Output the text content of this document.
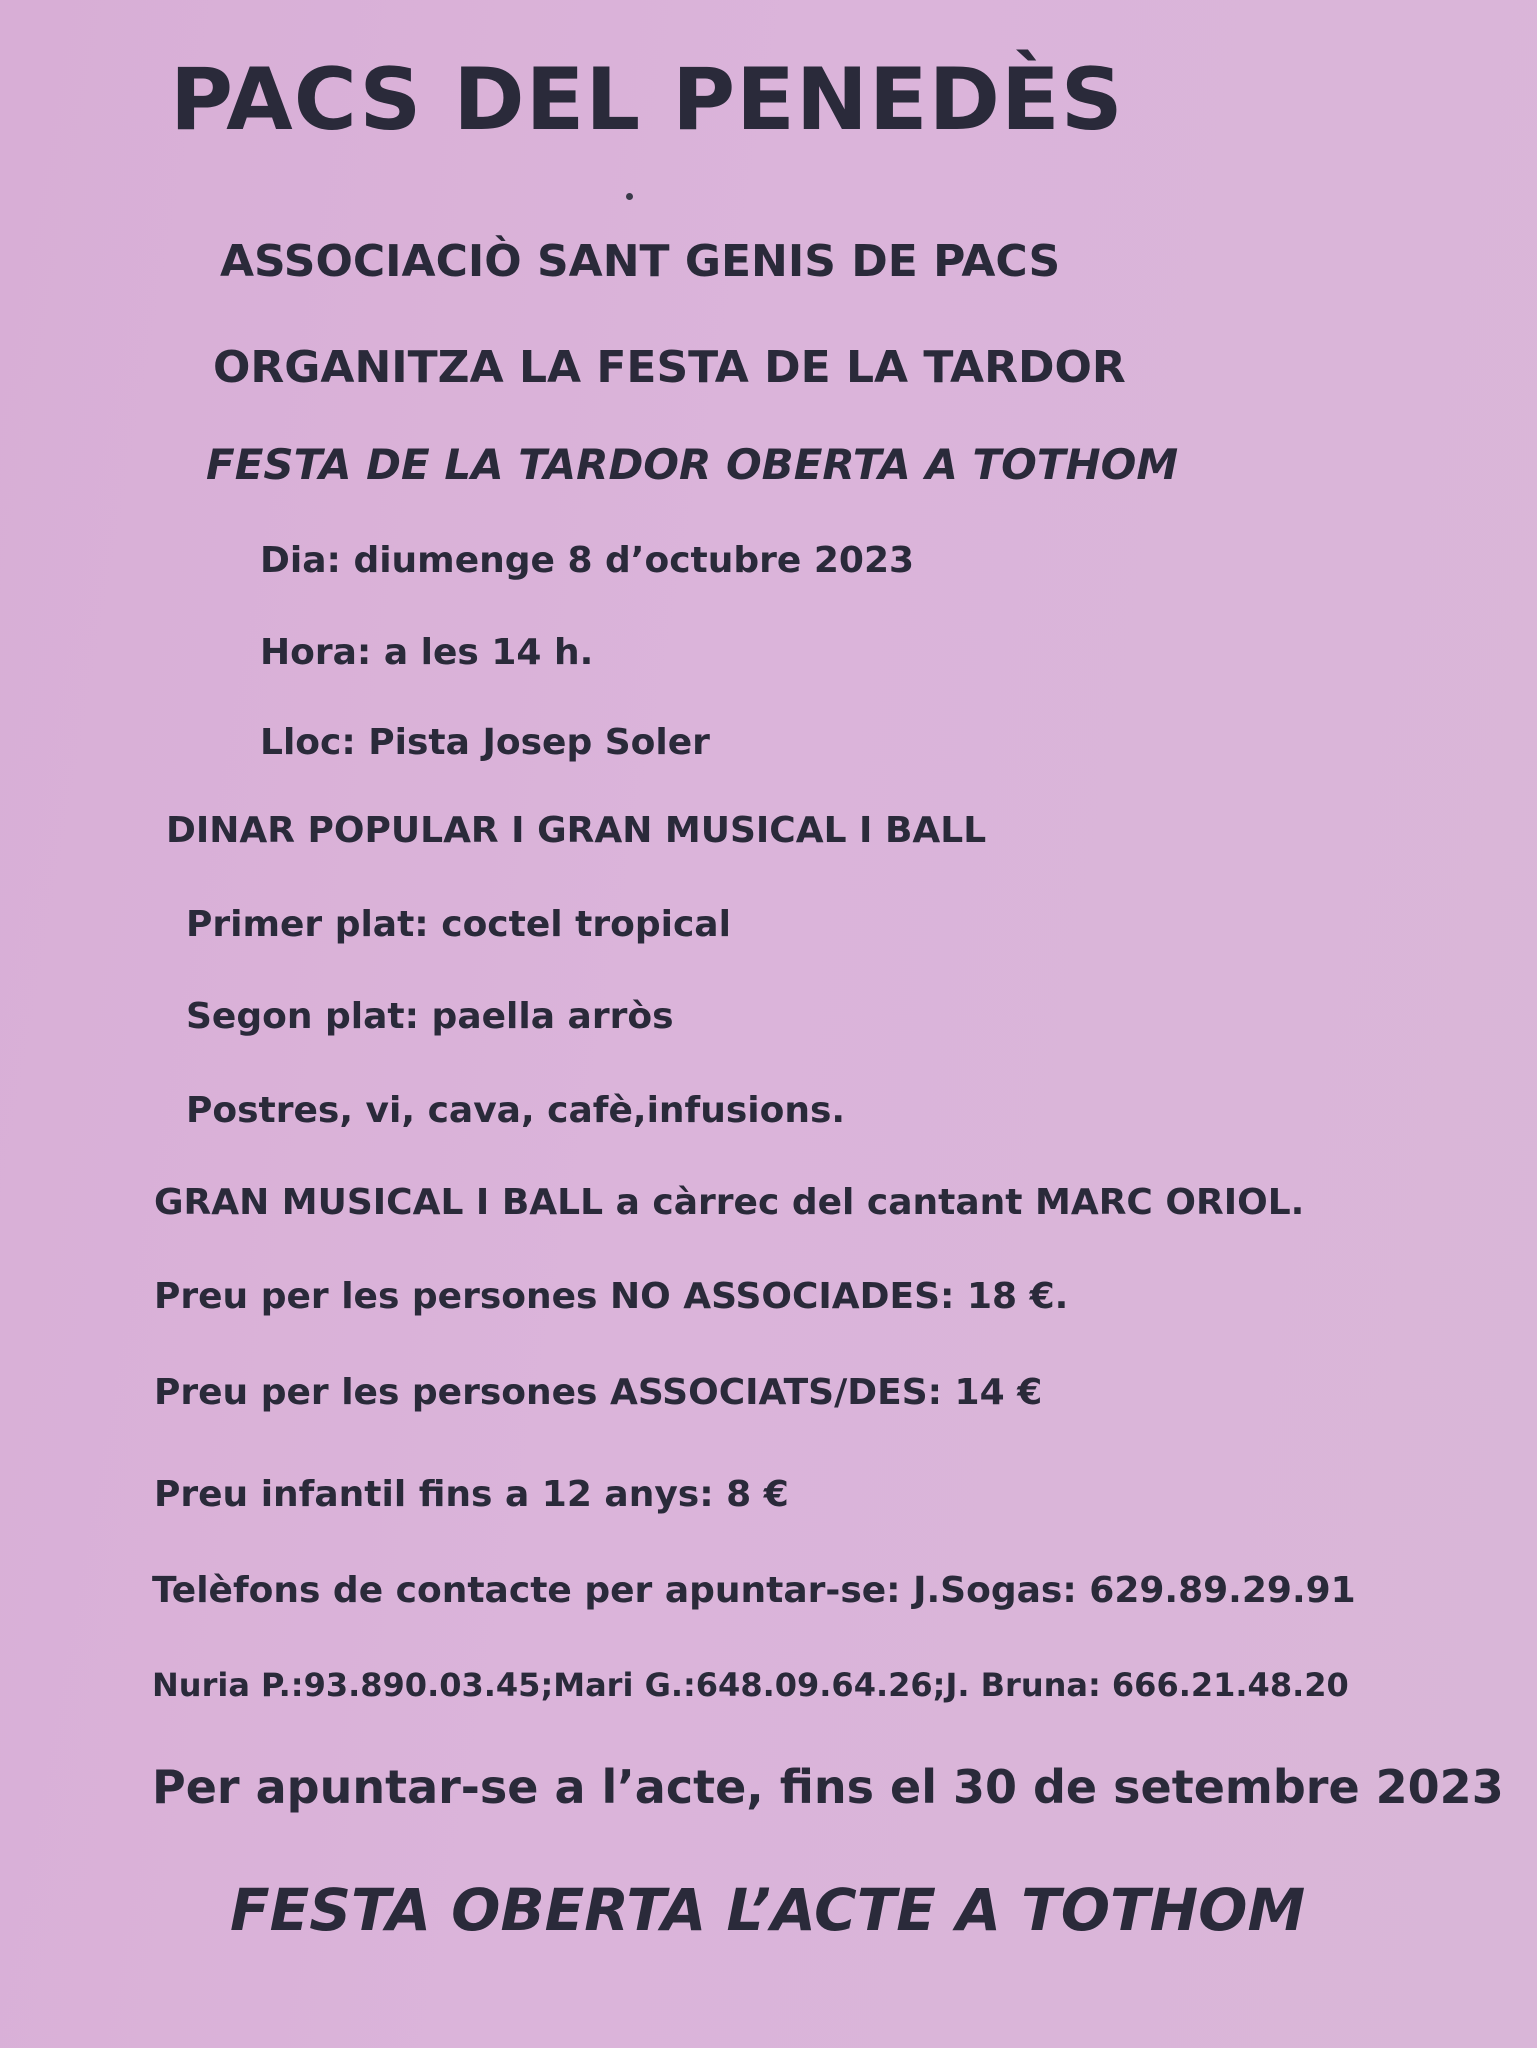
PACS DEL PENEDÈS
ASSOCIACIÒ SANT GENIS DE PACS
ORGANITZA LA FESTA DE LA TARDOR
FESTA DE LA TARDOR OBERTA A TOTHOM
Dia: diumenge 8 d’octubre 2023
Hora: a les 14 h.
Lloc: Pista Josep Soler
DINAR POPULAR I GRAN MUSICAL I BALL
Primer plat: coctel tropical
Segon plat: paella arròs
Postres, vi, cava, cafè,infusions.
GRAN MUSICAL I BALL a càrrec del cantant MARC ORIOL.
Preu per les persones NO ASSOCIADES: 18 €.
Preu per les persones ASSOCIATS/DES: 14 €
Preu infantil fins a 12 anys: 8 €
Telèfons de contacte per apuntar-se: J.Sogas: 629.89.29.91
Nuria P.:93.890.03.45;Mari G.:648.09.64.26;J. Bruna: 666.21.48.20
Per apuntar-se a l’acte, fins el 30 de setembre 2023
FESTA OBERTA L’ACTE A TOTHOM
